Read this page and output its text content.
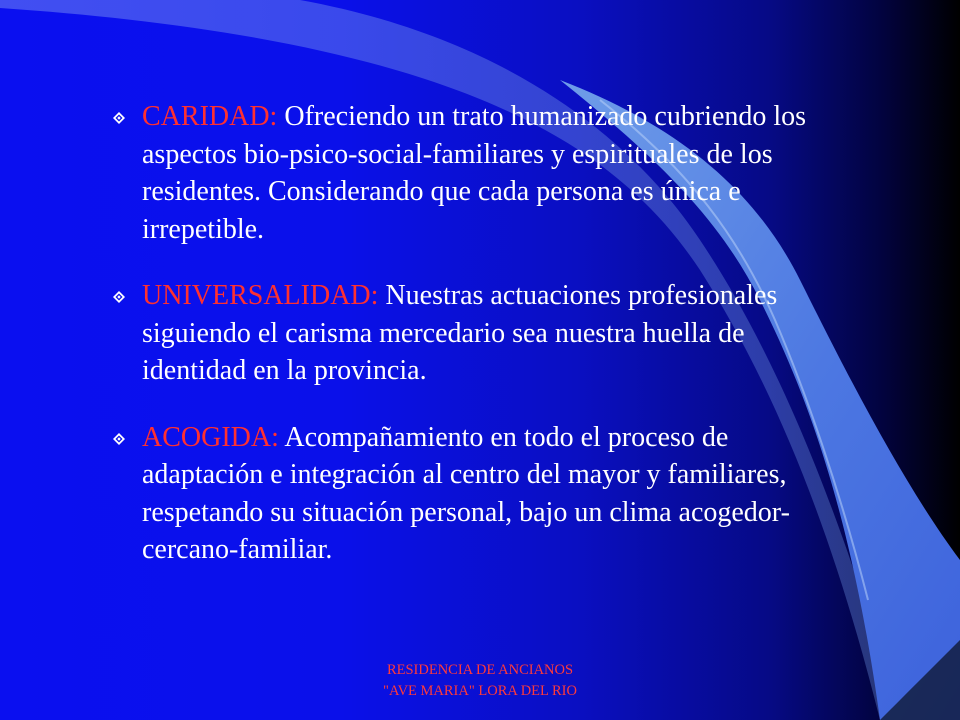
CARIDAD: Ofreciendo un trato humanizado cubriendo los aspectos bio-psico-social-familiares y espirituales de los residentes. Considerando que cada persona es única e irrepetible.
UNIVERSALIDAD: Nuestras actuaciones profesionales siguiendo el carisma mercedario sea nuestra huella de identidad en la provincia.
ACOGIDA: Acompañamiento en todo el proceso de adaptación e integración al centro del mayor y familiares, respetando su situación personal, bajo un clima acogedor-cercano-familiar.
RESIDENCIA DE ANCIANOS
"AVE MARIA" LORA DEL RIO
